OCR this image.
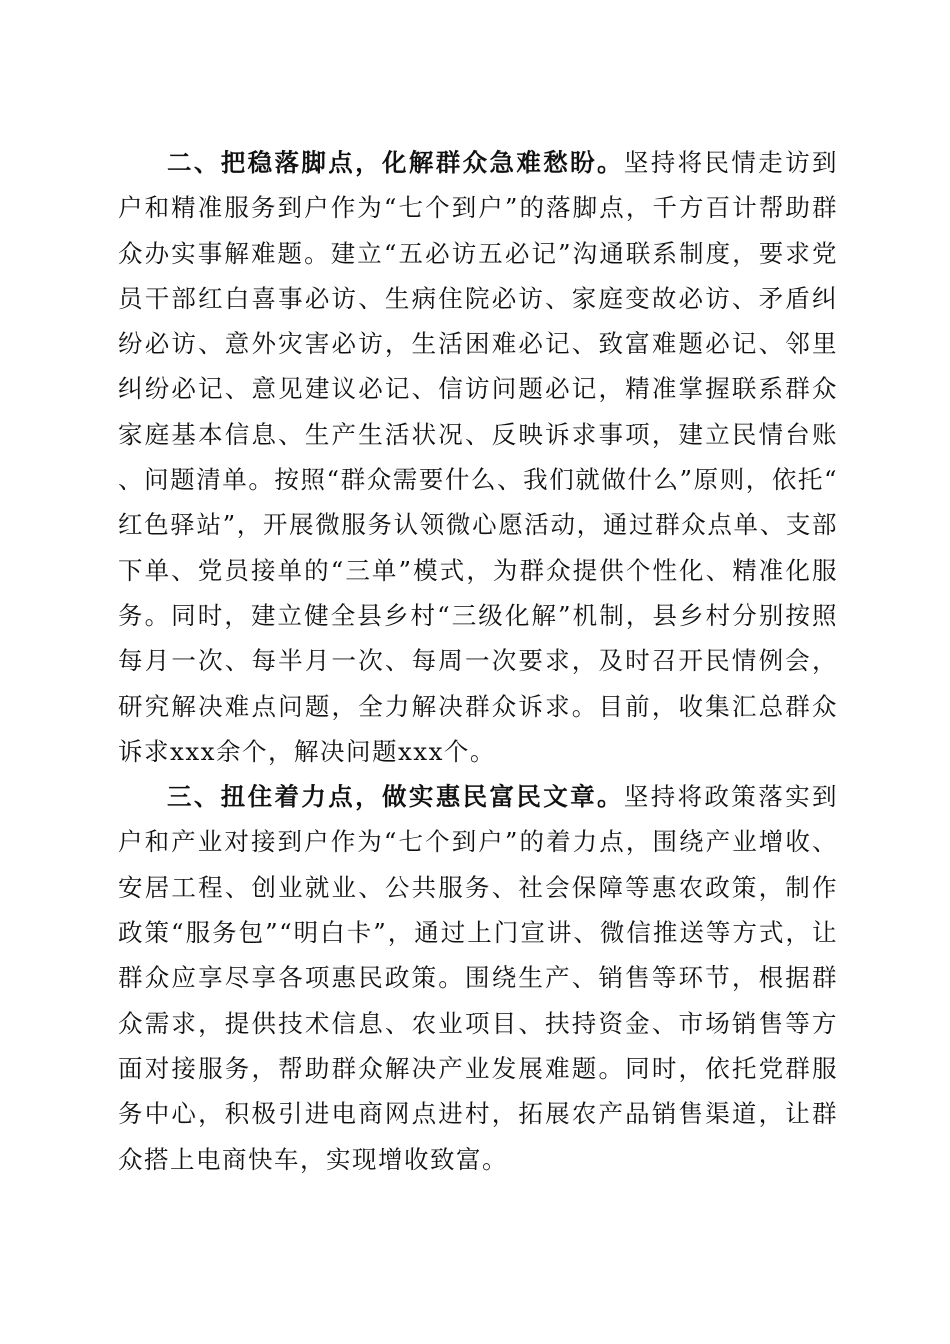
二、把稳落脚点，化解群众急难愁盼。坚持将民情走访到户和精准服务到户作为“七个到户”的落脚点，千方百计帮助群众办实事解难题。建立“五必访五必记”沟通联系制度，要求党员干部红白喜事必访、生病住院必访、家庭变故必访、矛盾纠纷必访、意外灾害必访，生活困难必记、致富难题必记、邻里纠纷必记、意见建议必记、信访问题必记，精准掌握联系群众家庭基本信息、生产生活状况、反映诉求事项，建立民情台账、问题清单。按照“群众需要什么、我们就做什么”原则，依托“红色驿站”，开展微服务认领微心愿活动，通过群众点单、支部下单、党员接单的“三单”模式，为群众提供个性化、精准化服务。同时，建立健全县乡村“三级化解”机制，县乡村分别按照每月一次、每半月一次、每周一次要求，及时召开民情例会，研究解决难点问题，全力解决群众诉求。目前，收集汇总群众诉求xxx余个，解决问题xxx个。

三、扭住着力点，做实惠民富民文章。坚持将政策落实到户和产业对接到户作为“七个到户”的着力点，围绕产业增收、安居工程、创业就业、公共服务、社会保障等惠农政策，制作政策“服务包”“明白卡”，通过上门宣讲、微信推送等方式，让群众应享尽享各项惠民政策。围绕生产、销售等环节，根据群众需求，提供技术信息、农业项目、扶持资金、市场销售等方面对接服务，帮助群众解决产业发展难题。同时，依托党群服务中心，积极引进电商网点进村，拓展农产品销售渠道，让群众搭上电商快车，实现增收致富。
